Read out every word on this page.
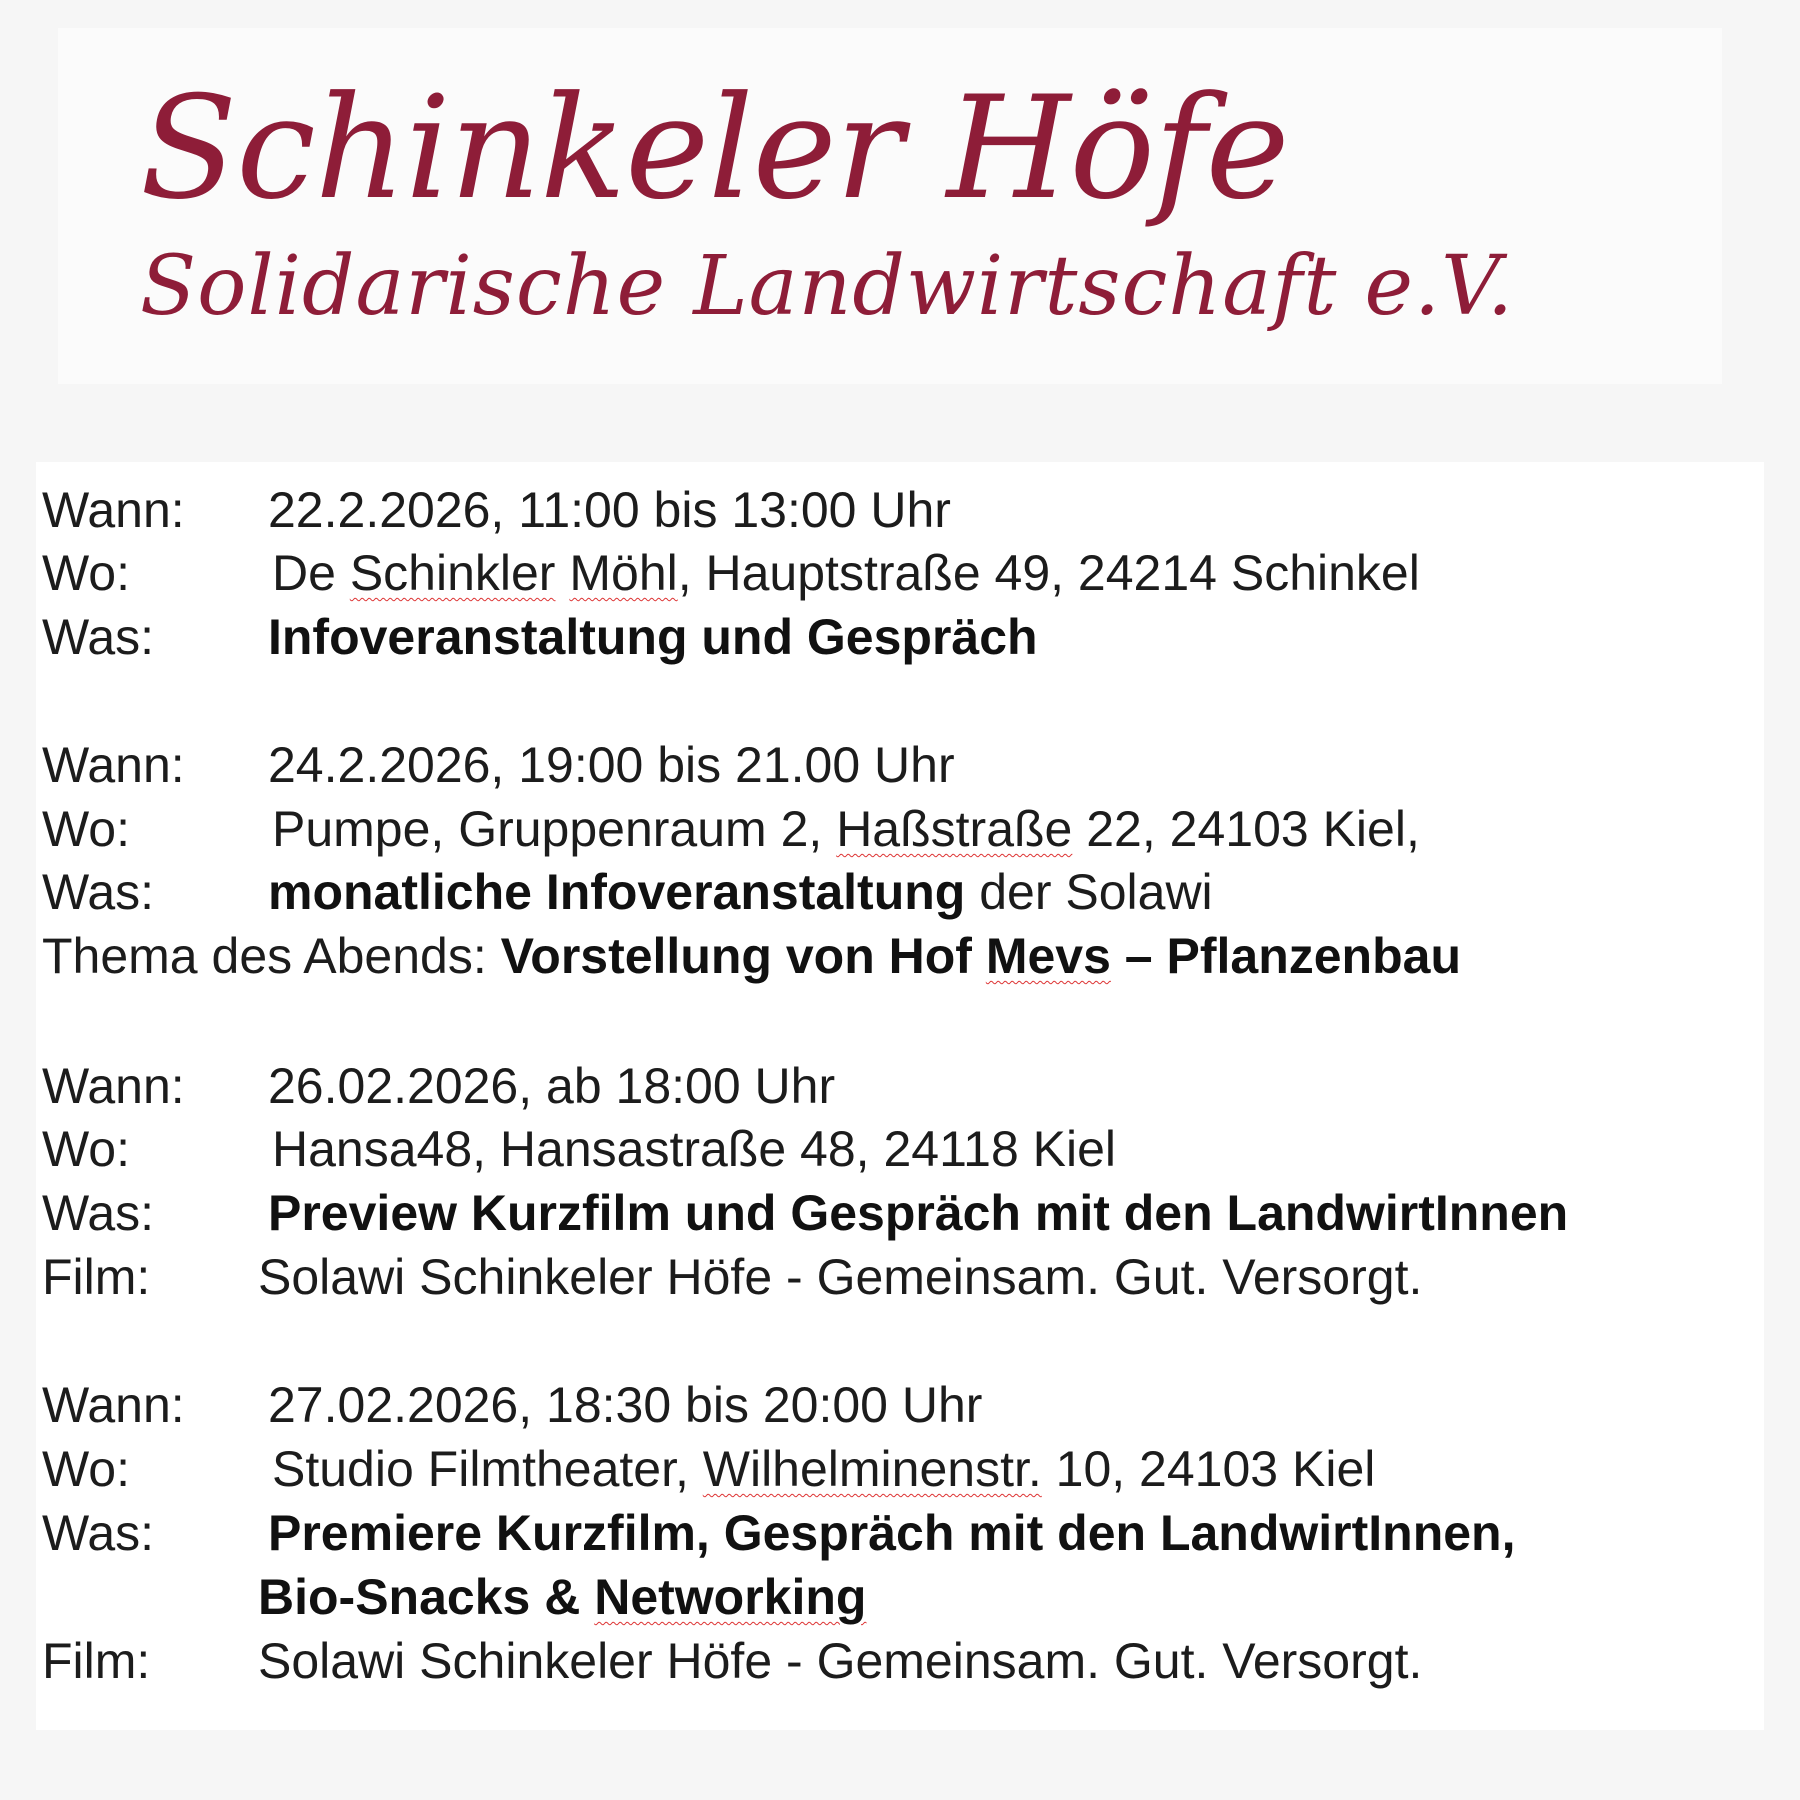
Schinkeler Höfe
Solidarische Landwirtschaft e.V.
Wann: 22.2.2026, 11:00 bis 13:00 Uhr
Wo:	De Schinkler Möhl, Hauptstraße 49, 24214 Schinkel
Was: Infoveranstaltung und Gespräch
Wann: 24.2.2026, 19:00 bis 21.00 Uhr
Wo:	Pumpe, Gruppenraum 2, Haßstraße 22, 24103 Kiel,
Was: monatliche Infoveranstaltung der Solawi
Thema des Abends: Vorstellung von Hof Mevs – Pflanzenbau
Wann: 26.02.2026, ab 18:00 Uhr
Wo:	Hansa48, Hansastraße 48, 24118 Kiel
Was: Preview Kurzfilm und Gespräch mit den LandwirtInnen
Film: Solawi Schinkeler Höfe - Gemeinsam. Gut. Versorgt.
Wann: 27.02.2026, 18:30 bis 20:00 Uhr
Wo:	Studio Filmtheater, Wilhelminenstr. 10, 24103 Kiel
Was: Premiere Kurzfilm, Gespräch mit den LandwirtInnen,
Bio-Snacks & Networking
Film: Solawi Schinkeler Höfe - Gemeinsam. Gut. Versorgt.
